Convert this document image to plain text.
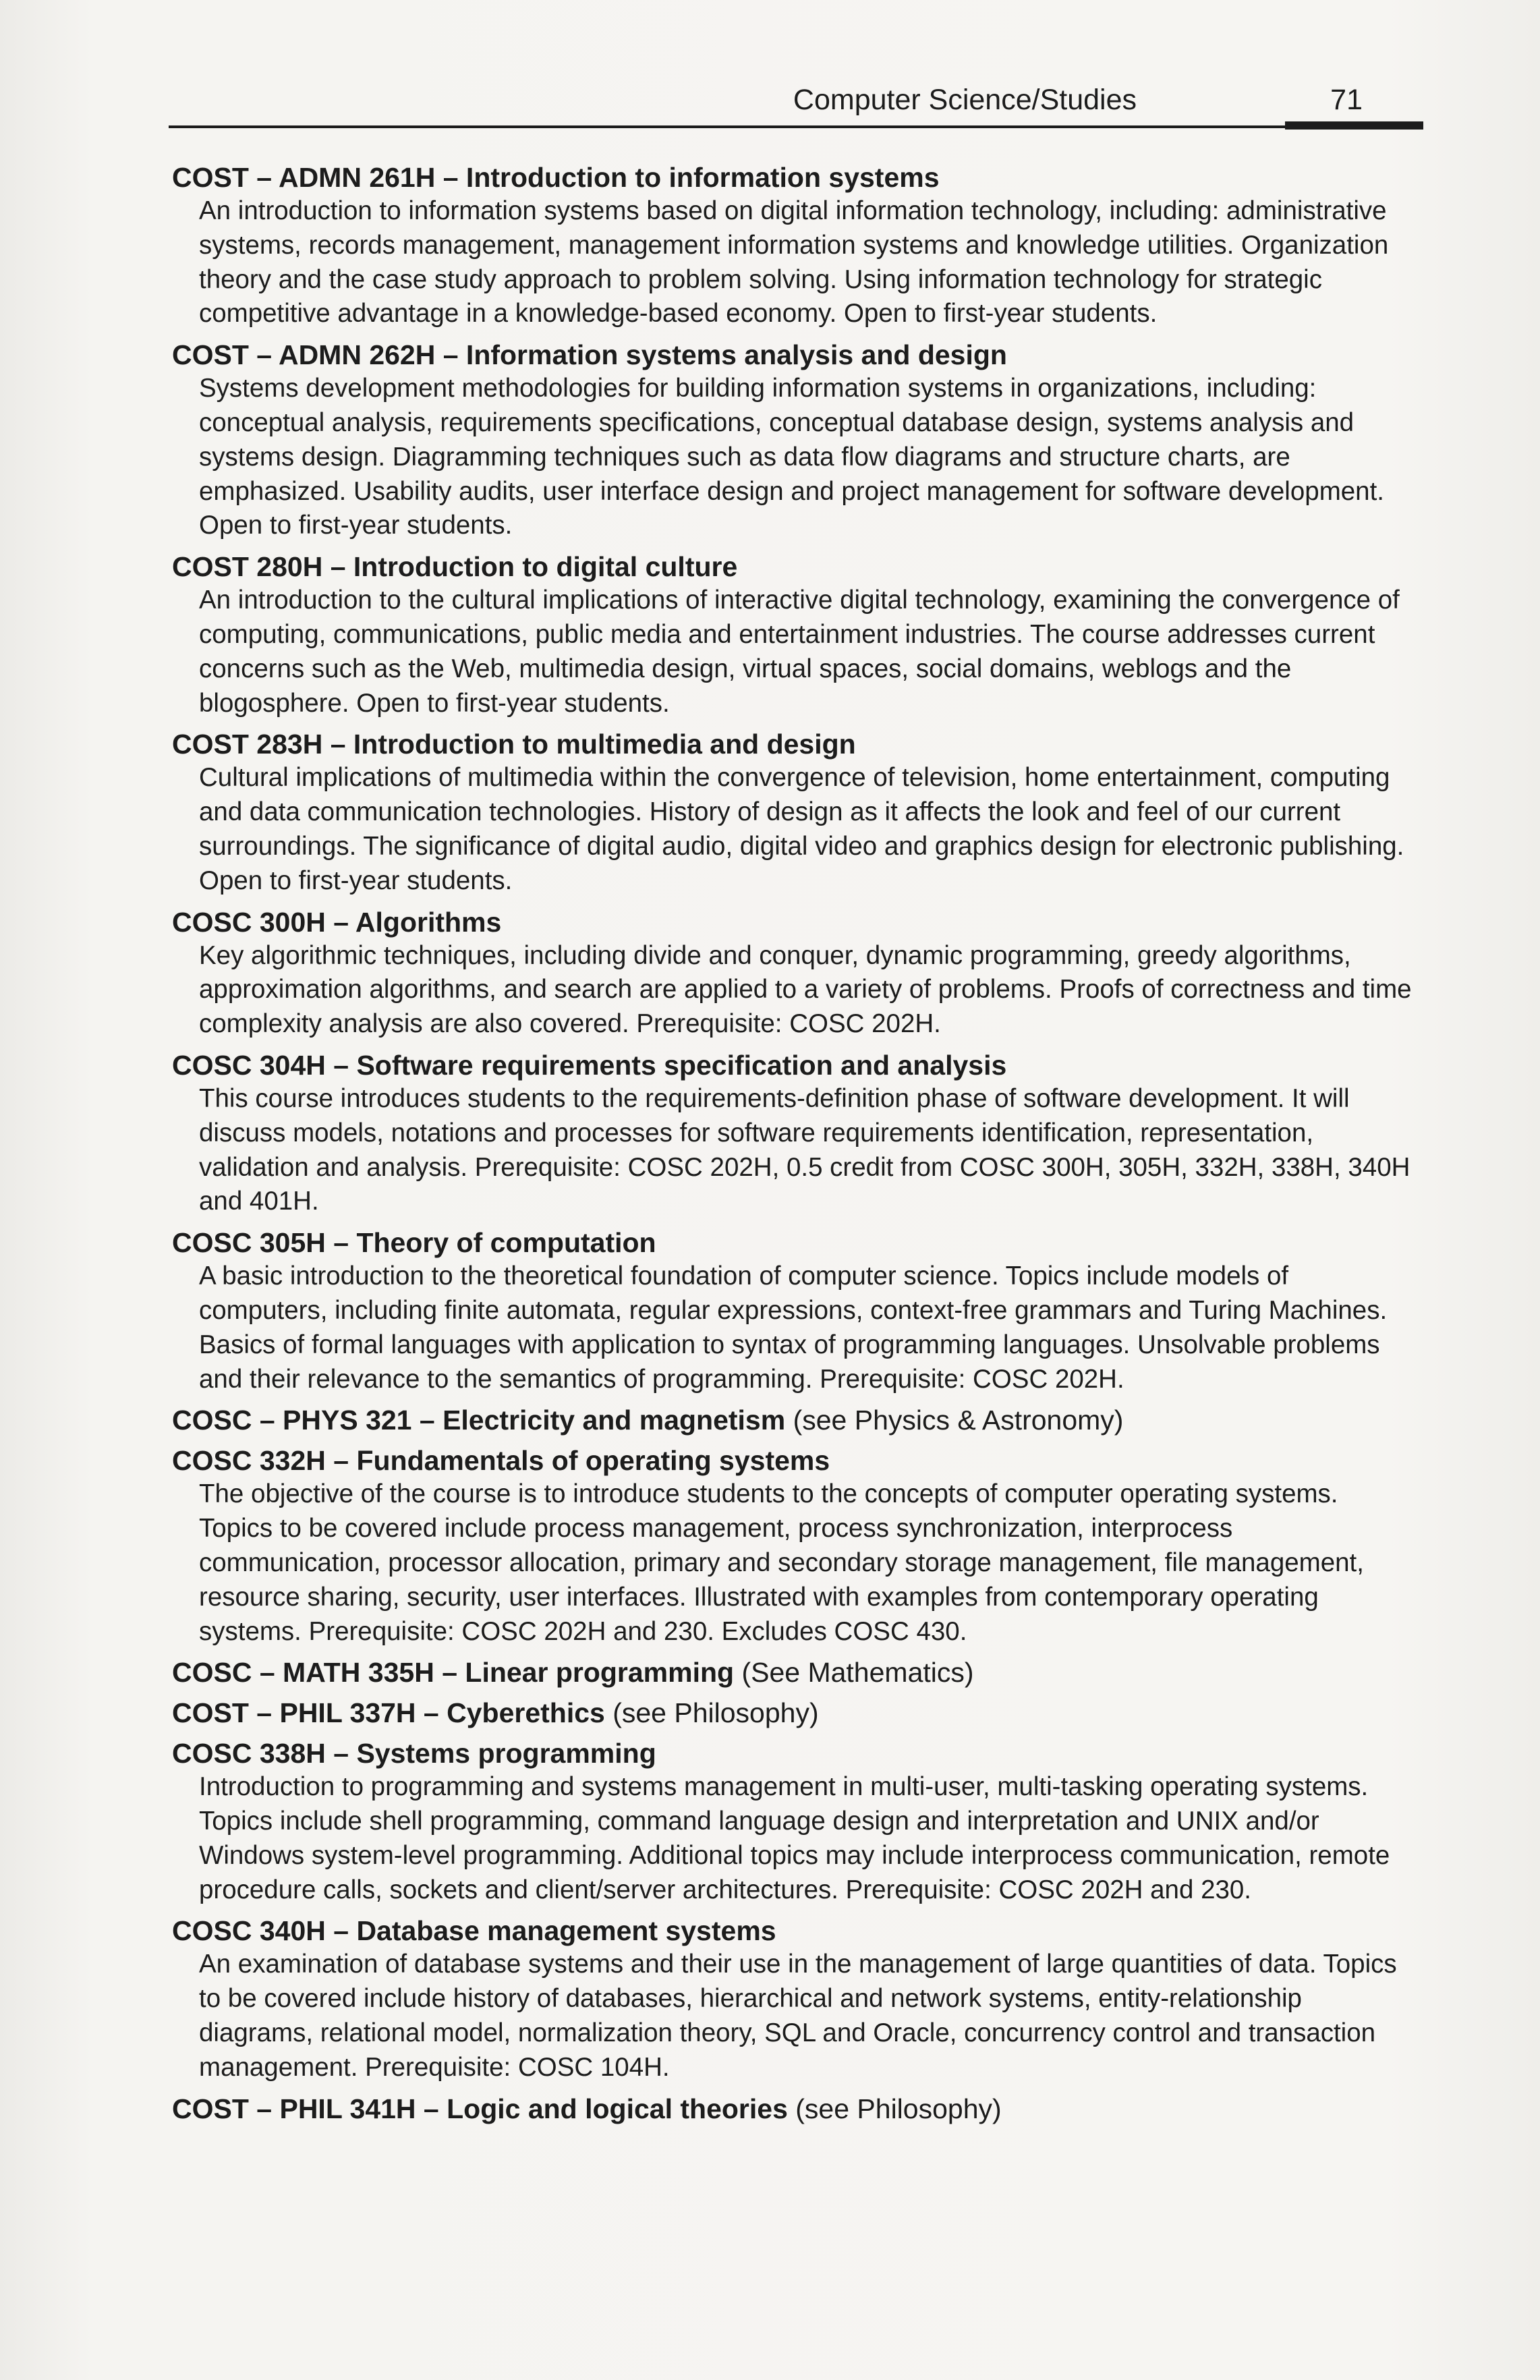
Computer Science/Studies	71
COST – ADMN 261H – Introduction to information systems
An introduction to information systems based on digital information technology, including: administrative systems, records management, management information systems and knowledge utilities. Organization theory and the case study approach to problem solving. Using information technology for strategic competitive advantage in a knowledge-based economy. Open to first-year students.
COST – ADMN 262H – Information systems analysis and design
Systems development methodologies for building information systems in organizations, including: conceptual analysis, requirements specifications, conceptual database design, systems analysis and systems design. Diagramming techniques such as data flow diagrams and structure charts, are emphasized. Usability audits, user interface design and project management for software development. Open to first-year students.
COST 280H – Introduction to digital culture
An introduction to the cultural implications of interactive digital technology, examining the convergence of computing, communications, public media and entertainment industries. The course addresses current concerns such as the Web, multimedia design, virtual spaces, social domains, weblogs and the blogosphere. Open to first-year students.
COST 283H – Introduction to multimedia and design
Cultural implications of multimedia within the convergence of television, home entertainment, computing and data communication technologies. History of design as it affects the look and feel of our current surroundings. The significance of digital audio, digital video and graphics design for electronic publishing. Open to first-year students.
COSC 300H – Algorithms
Key algorithmic techniques, including divide and conquer, dynamic programming, greedy algorithms, approximation algorithms, and search are applied to a variety of problems. Proofs of correctness and time complexity analysis are also covered. Prerequisite: COSC 202H.
COSC 304H – Software requirements specification and analysis
This course introduces students to the requirements-definition phase of software development. It will discuss models, notations and processes for software requirements identification, representation, validation and analysis. Prerequisite: COSC 202H, 0.5 credit from COSC 300H, 305H, 332H, 338H, 340H and 401H.
COSC 305H – Theory of computation
A basic introduction to the theoretical foundation of computer science. Topics include models of computers, including finite automata, regular expressions, context-free grammars and Turing Machines. Basics of formal languages with application to syntax of programming languages. Unsolvable problems and their relevance to the semantics of programming. Prerequisite: COSC 202H.
COSC – PHYS 321 – Electricity and magnetism (see Physics & Astronomy)
COSC 332H – Fundamentals of operating systems
The objective of the course is to introduce students to the concepts of computer operating systems. Topics to be covered include process management, process synchronization, interprocess communication, processor allocation, primary and secondary storage management, file management, resource sharing, security, user interfaces. Illustrated with examples from contemporary operating systems. Prerequisite: COSC 202H and 230. Excludes COSC 430.
COSC – MATH 335H – Linear programming (See Mathematics)
COST – PHIL 337H – Cyberethics (see Philosophy)
COSC 338H – Systems programming
Introduction to programming and systems management in multi-user, multi-tasking operating systems. Topics include shell programming, command language design and interpretation and UNIX and/or Windows system-level programming. Additional topics may include interprocess communication, remote procedure calls, sockets and client/server architectures. Prerequisite: COSC 202H and 230.
COSC 340H – Database management systems
An examination of database systems and their use in the management of large quantities of data. Topics to be covered include history of databases, hierarchical and network systems, entity-relationship diagrams, relational model, normalization theory, SQL and Oracle, concurrency control and transaction management. Prerequisite: COSC 104H.
COST – PHIL 341H – Logic and logical theories (see Philosophy)
